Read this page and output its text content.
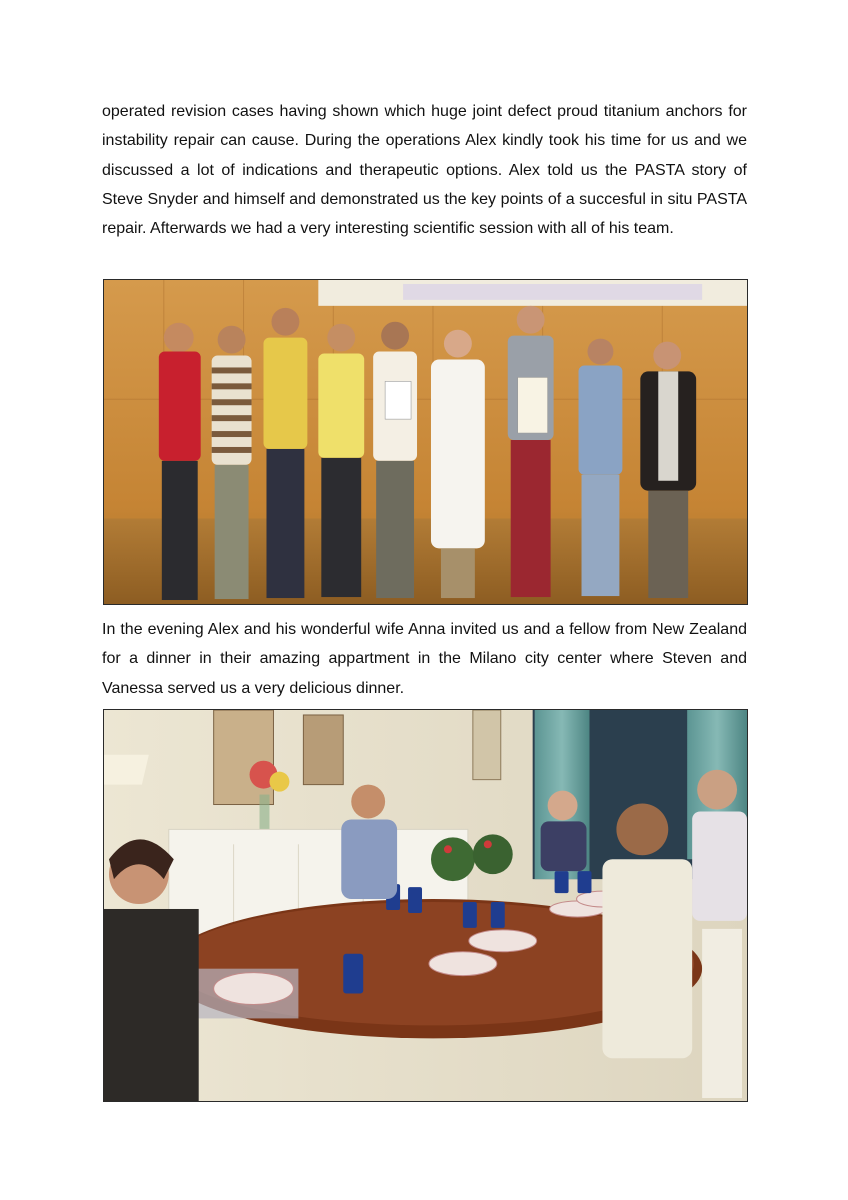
operated revision cases having shown which huge joint defect proud titanium anchors for instability repair can cause. During the operations Alex kindly took his time for us and we discussed a lot of indications and therapeutic options. Alex told us the PASTA story of Steve Snyder and himself and demonstrated us the key points of a succesful in situ PASTA repair. Afterwards we had a very interesting scientific session with all of his team.

In the evening Alex and his wonderful wife Anna invited us and a fellow from New Zealand for a dinner in their amazing appartment in the Milano city center where Steven and Vanessa served us a very delicious dinner.
